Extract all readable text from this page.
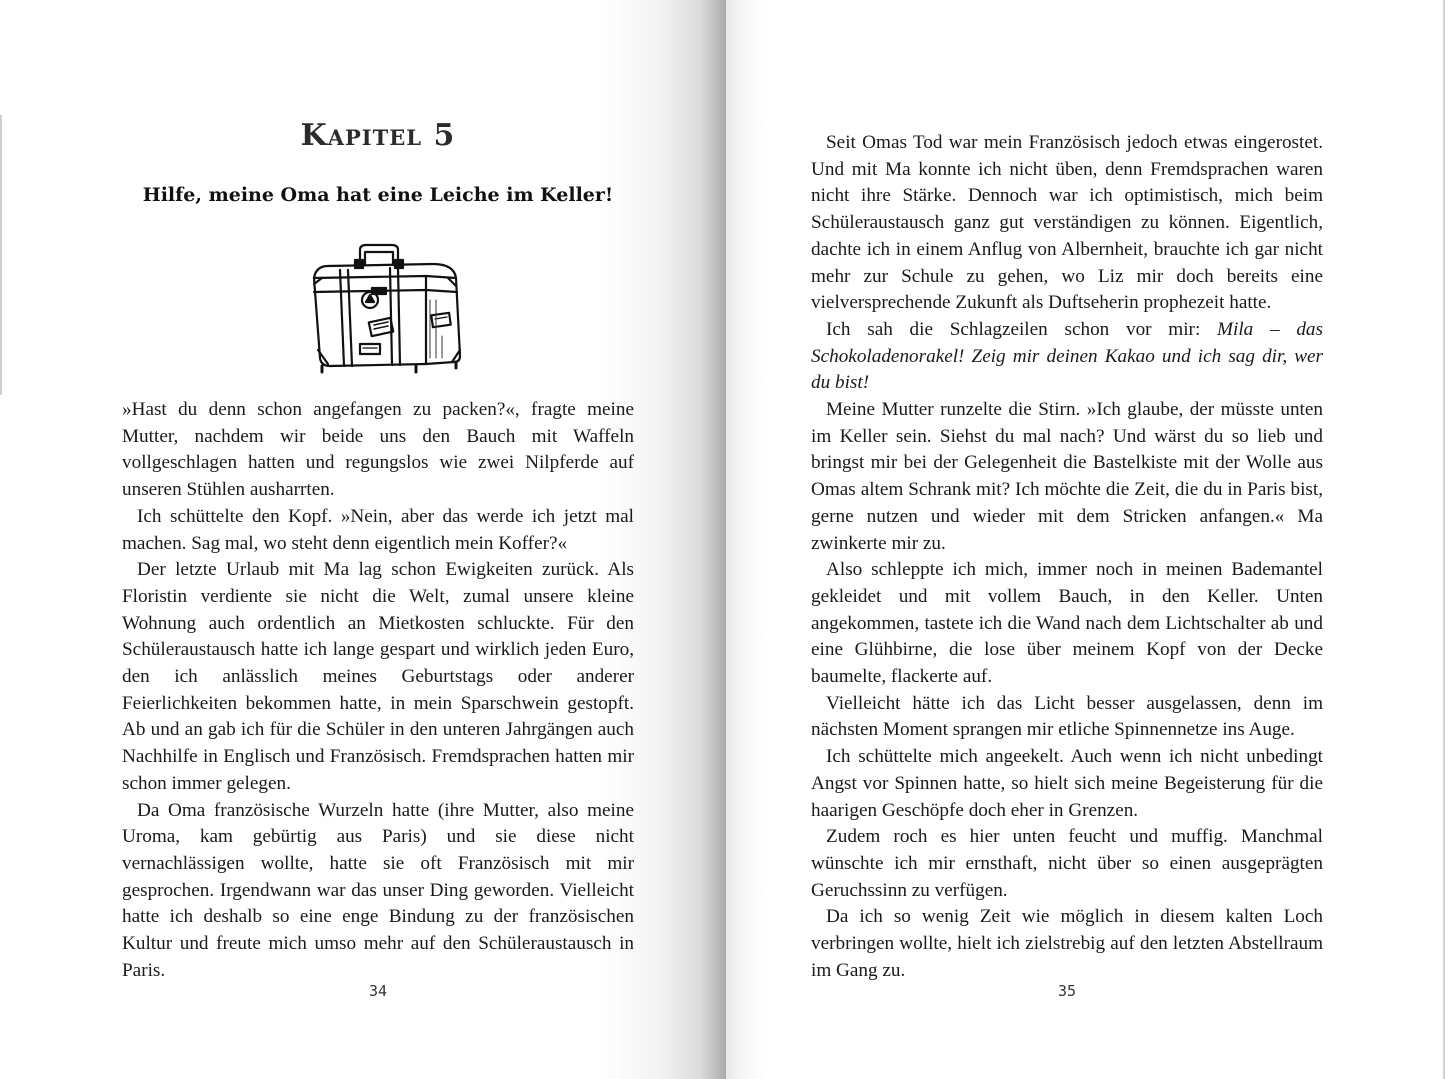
Kapitel 5
Hilfe, meine Oma hat eine Leiche im Keller!

»Hast du denn schon angefangen zu packen?«, fragte meine Mutter, nachdem wir beide uns den Bauch mit Waffeln vollgeschlagen hatten und regungslos wie zwei Nilpferde auf unseren Stühlen ausharrten.

Ich schüttelte den Kopf. »Nein, aber das werde ich jetzt mal machen. Sag mal, wo steht denn eigentlich mein Koffer?«

Der letzte Urlaub mit Ma lag schon Ewigkeiten zurück. Als Floristin verdiente sie nicht die Welt, zumal unsere kleine Wohnung auch ordentlich an Mietkosten schluckte. Für den Schüleraustausch hatte ich lange gespart und wirklich jeden Euro, den ich anlässlich meines Geburtstags oder anderer Feierlichkeiten bekommen hatte, in mein Sparschwein gestopft. Ab und an gab ich für die Schüler in den unteren Jahrgängen auch Nachhilfe in Englisch und Französisch. Fremdsprachen hatten mir schon immer gelegen.

Da Oma französische Wurzeln hatte (ihre Mutter, also meine Uroma, kam gebürtig aus Paris) und sie diese nicht vernachlässigen wollte, hatte sie oft Französisch mit mir gesprochen. Irgendwann war das unser Ding geworden. Vielleicht hatte ich deshalb so eine enge Bindung zu der französischen Kultur und freute mich umso mehr auf den Schüleraustausch in Paris.

34

Seit Omas Tod war mein Französisch jedoch etwas eingerostet. Und mit Ma konnte ich nicht üben, denn Fremdsprachen waren nicht ihre Stärke. Dennoch war ich optimistisch, mich beim Schüleraustausch ganz gut verständigen zu können. Eigentlich, dachte ich in einem Anflug von Albernheit, brauchte ich gar nicht mehr zur Schule zu gehen, wo Liz mir doch bereits eine vielversprechende Zukunft als Duftseherin prophezeit hatte.

Ich sah die Schlagzeilen schon vor mir: Mila – das Schokoladenorakel! Zeig mir deinen Kakao und ich sag dir, wer du bist!

Meine Mutter runzelte die Stirn. »Ich glaube, der müsste unten im Keller sein. Siehst du mal nach? Und wärst du so lieb und bringst mir bei der Gelegenheit die Bastelkiste mit der Wolle aus Omas altem Schrank mit? Ich möchte die Zeit, die du in Paris bist, gerne nutzen und wieder mit dem Stricken anfangen.« Ma zwinkerte mir zu.

Also schleppte ich mich, immer noch in meinen Bademantel gekleidet und mit vollem Bauch, in den Keller. Unten angekommen, tastete ich die Wand nach dem Lichtschalter ab und eine Glühbirne, die lose über meinem Kopf von der Decke baumelte, flackerte auf.

Vielleicht hätte ich das Licht besser ausgelassen, denn im nächsten Moment sprangen mir etliche Spinnennetze ins Auge.

Ich schüttelte mich angeekelt. Auch wenn ich nicht unbedingt Angst vor Spinnen hatte, so hielt sich meine Begeisterung für die haarigen Geschöpfe doch eher in Grenzen.

Zudem roch es hier unten feucht und muffig. Manchmal wünschte ich mir ernsthaft, nicht über so einen ausgeprägten Geruchssinn zu verfügen.

Da ich so wenig Zeit wie möglich in diesem kalten Loch verbringen wollte, hielt ich zielstrebig auf den letzten Abstellraum im Gang zu.

35
